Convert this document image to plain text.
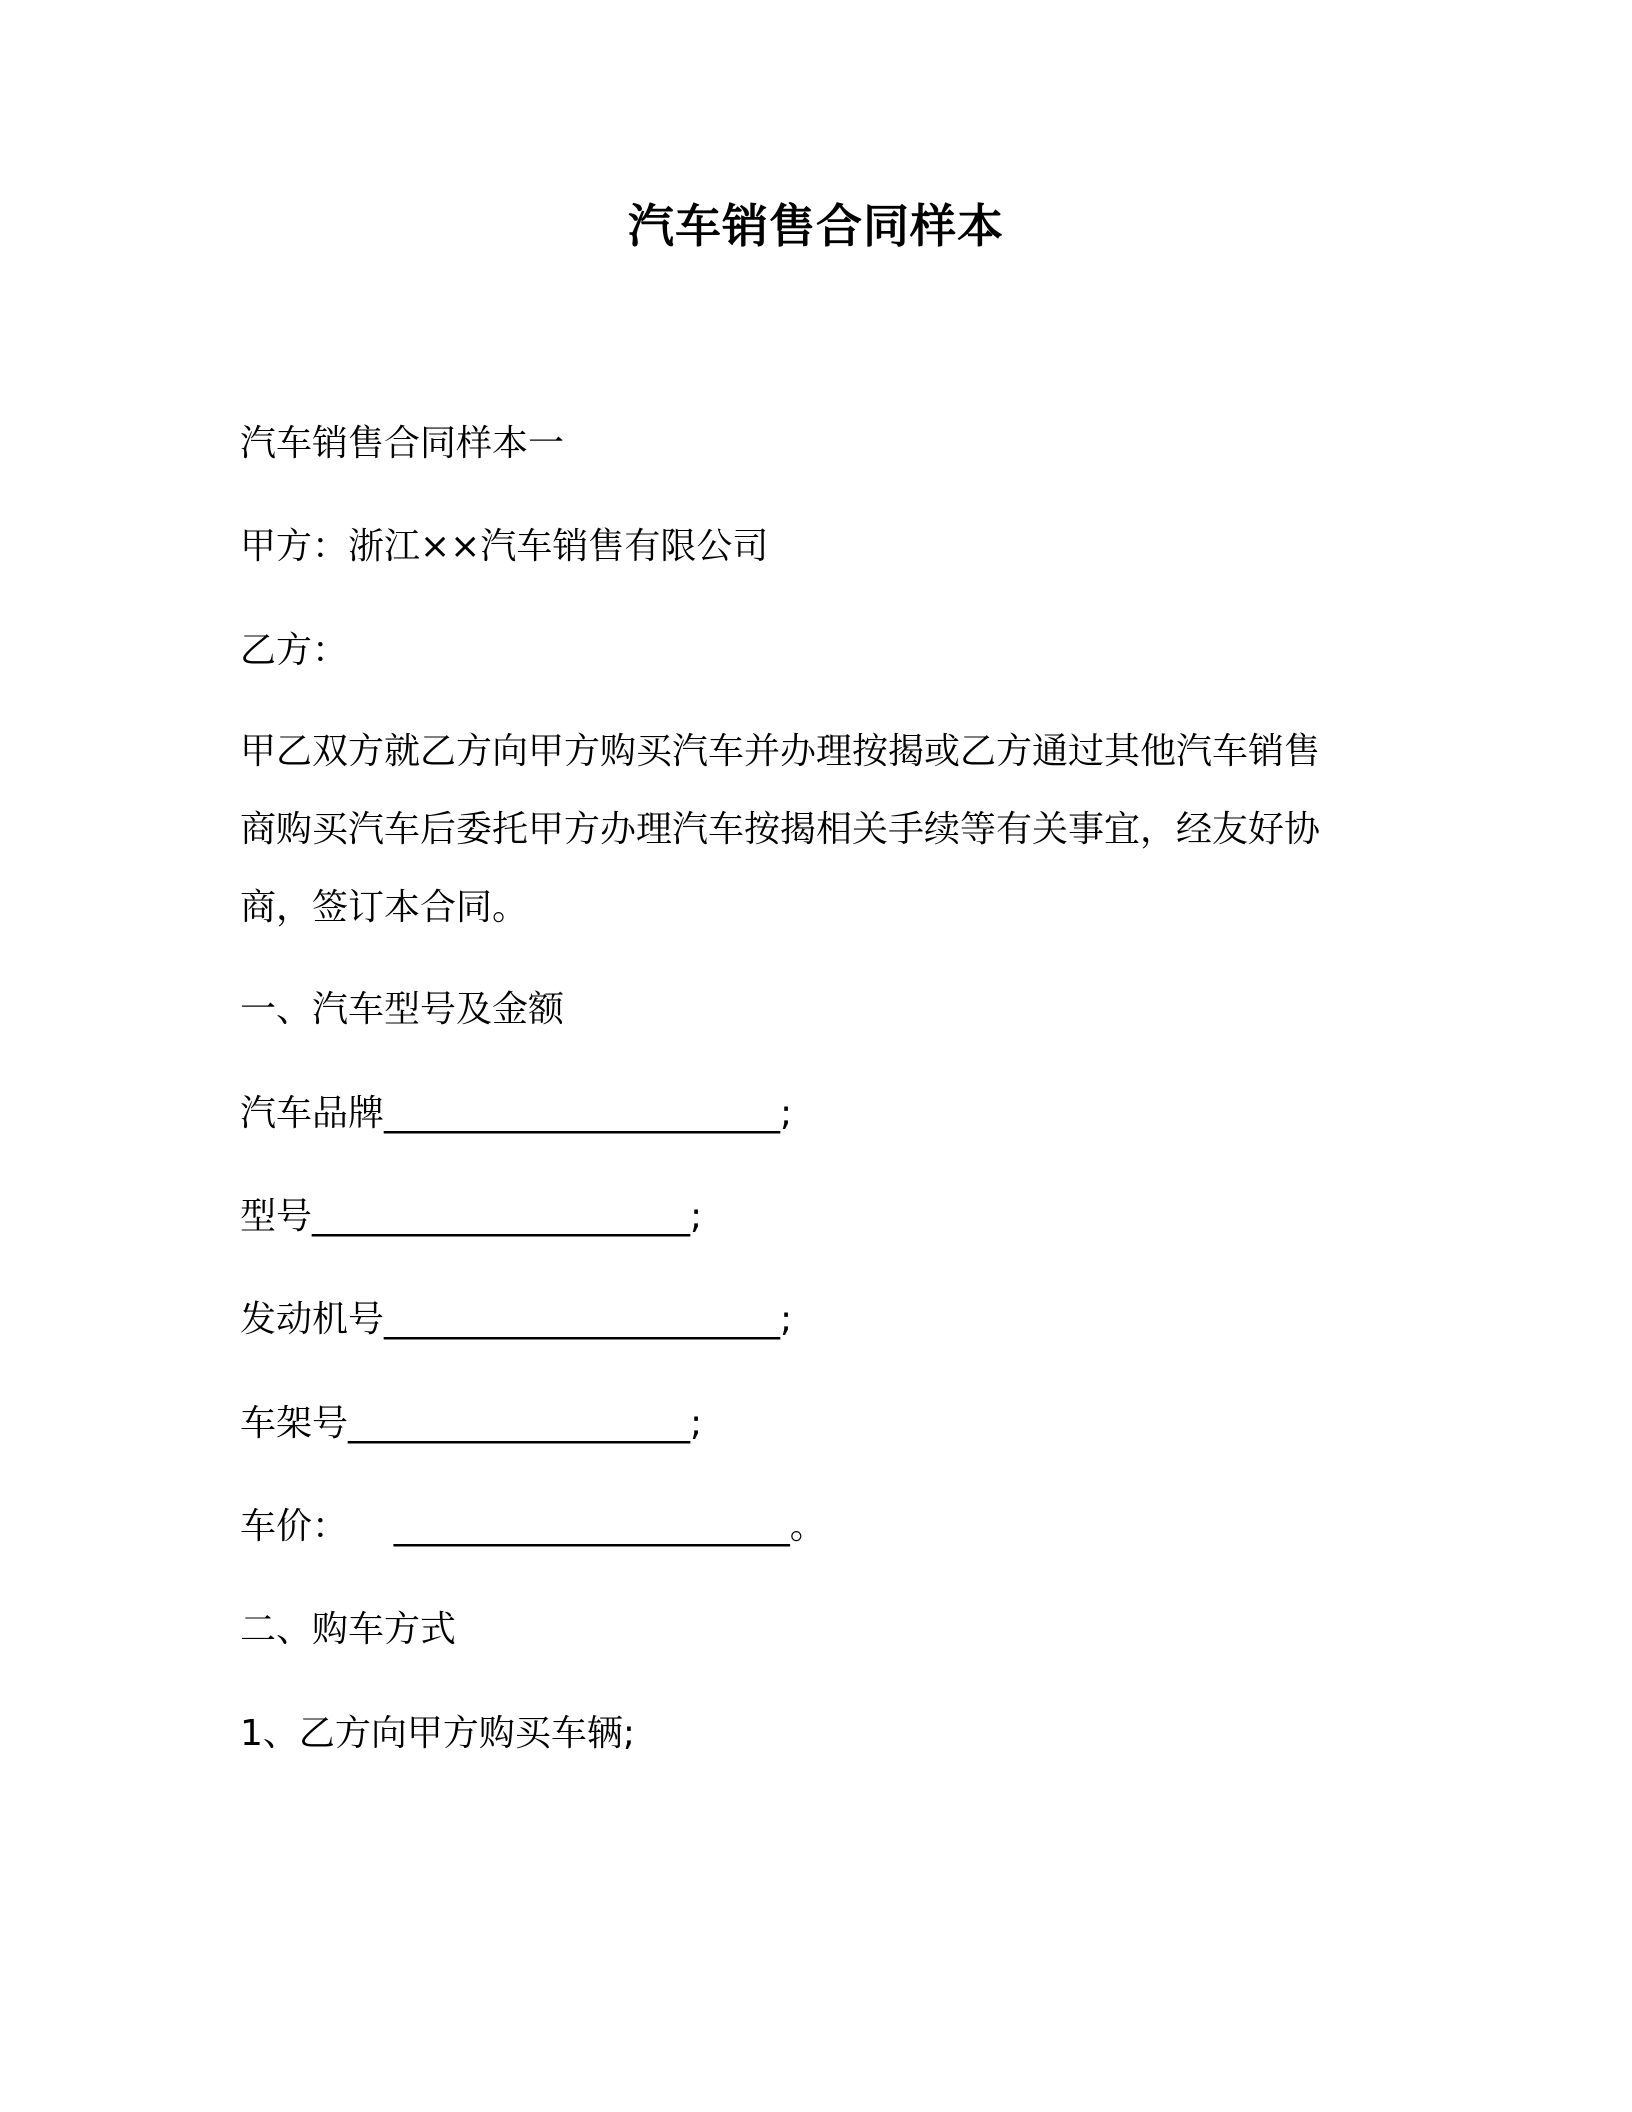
汽车销售合同样本
汽车销售合同样本一
甲方：浙江××汽车销售有限公司
乙方：
甲乙双方就乙方向甲方购买汽车并办理按揭或乙方通过其他汽车销售
商购买汽车后委托甲方办理汽车按揭相关手续等有关事宜，经友好协
商，签订本合同。
一、汽车型号及金额
汽车品牌______________________;
型号_____________________;
发动机号______________________;
车架号___________________;
车价：    ______________________。
二、购车方式
1、乙方向甲方购买车辆;
